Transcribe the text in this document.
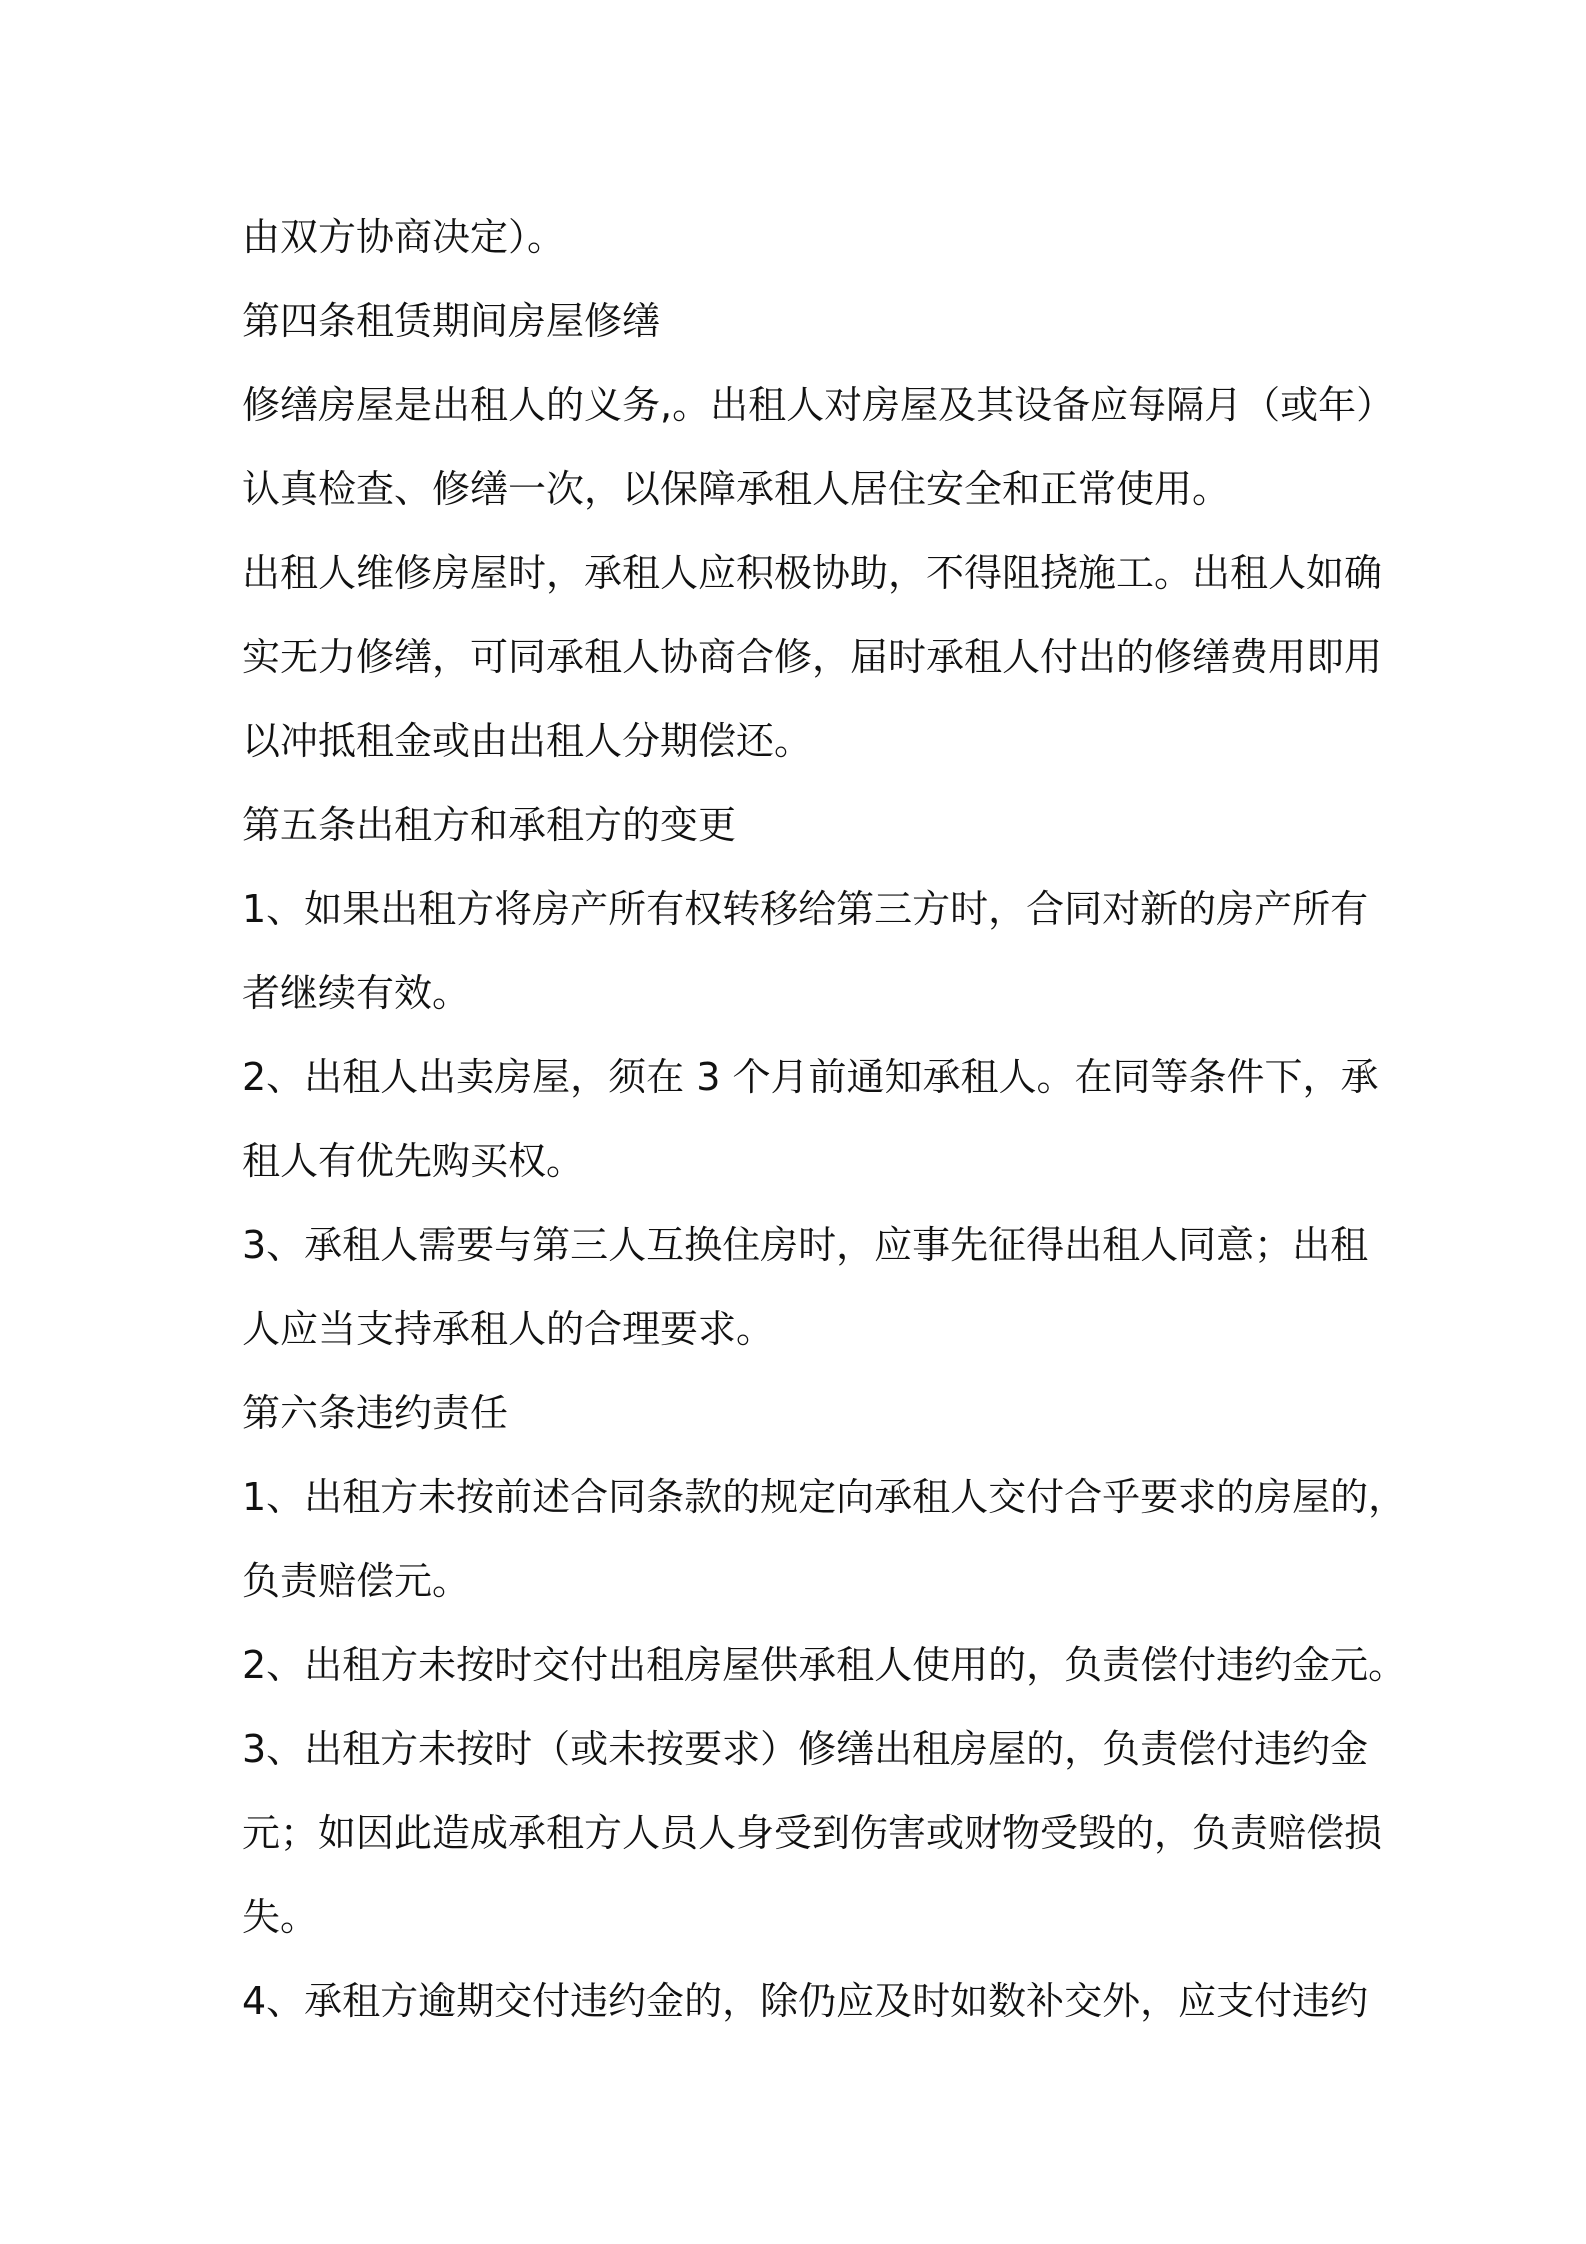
由双方协商决定）。
第四条租赁期间房屋修缮
修缮房屋是出租人的义务,。出租人对房屋及其设备应每隔月（或年）
认真检查、修缮一次，以保障承租人居住安全和正常使用。
出租人维修房屋时，承租人应积极协助，不得阻挠施工。出租人如确
实无力修缮，可同承租人协商合修，届时承租人付出的修缮费用即用
以冲抵租金或由出租人分期偿还。
第五条出租方和承租方的变更
1、如果出租方将房产所有权转移给第三方时，合同对新的房产所有
者继续有效。
2、出租人出卖房屋，须在 3 个月前通知承租人。在同等条件下，承
租人有优先购买权。
3、承租人需要与第三人互换住房时，应事先征得出租人同意；出租
人应当支持承租人的合理要求。
第六条违约责任
1、出租方未按前述合同条款的规定向承租人交付合乎要求的房屋的，
负责赔偿元。
2、出租方未按时交付出租房屋供承租人使用的，负责偿付违约金元。
3、出租方未按时（或未按要求）修缮出租房屋的，负责偿付违约金
元；如因此造成承租方人员人身受到伤害或财物受毁的，负责赔偿损
失。
4、承租方逾期交付违约金的，除仍应及时如数补交外，应支付违约
